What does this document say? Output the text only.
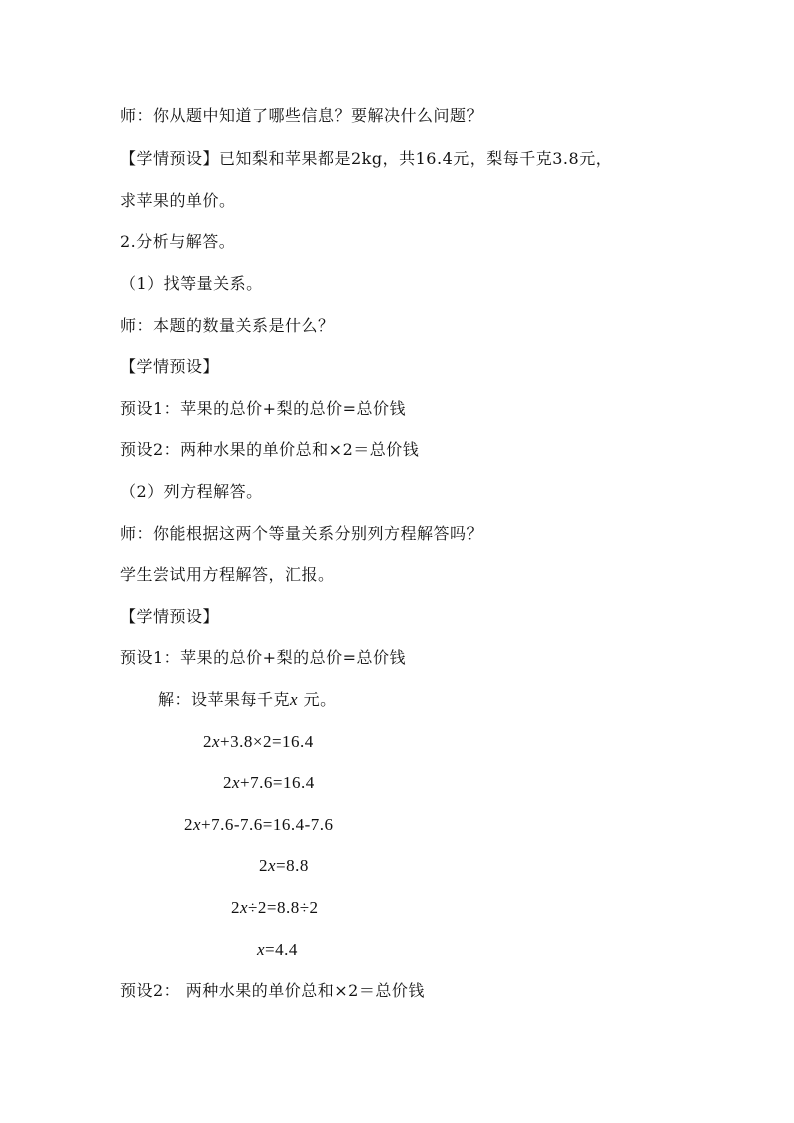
师：你从题中知道了哪些信息？要解决什么问题？
【学情预设】已知梨和苹果都是2kg，共16.4元，梨每千克3.8元，
求苹果的单价。
2.分析与解答。
（1）找等量关系。
师：本题的数量关系是什么？
【学情预设】
预设1：苹果的总价+梨的总价=总价钱
预设2：两种水果的单价总和×2＝总价钱
（2）列方程解答。
师：你能根据这两个等量关系分别列方程解答吗？
学生尝试用方程解答，汇报。
【学情预设】
预设1：苹果的总价+梨的总价=总价钱
解：设苹果每千克x 元。
2x+3.8×2=16.4
2x+7.6=16.4
2x+7.6-7.6=16.4-7.6
2x=8.8
2x÷2=8.8÷2
x=4.4
预设2： 两种水果的单价总和×2＝总价钱
